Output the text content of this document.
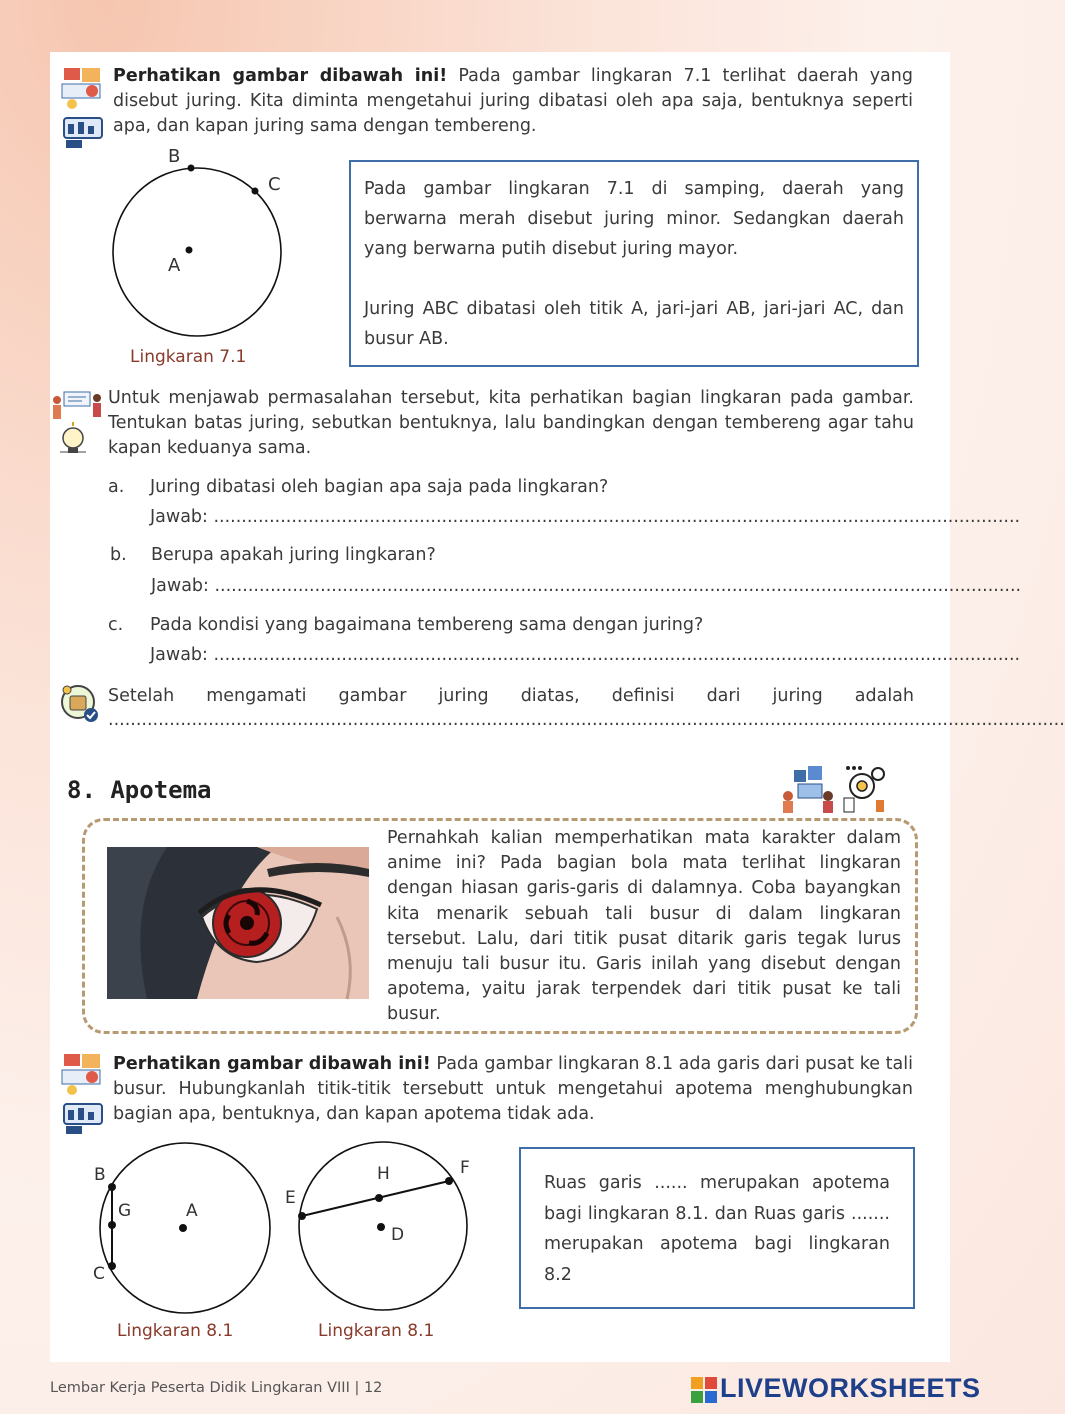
Perhatikan gambar dibawah ini! Pada gambar lingkaran 7.1 terlihat daerah yang disebut juring. Kita diminta mengetahui juring dibatasi oleh apa saja, bentuknya seperti apa, dan kapan juring sama dengan tembereng.
B
C
A
Lingkaran 7.1
Pada gambar lingkaran 7.1 di samping, daerah yang berwarna merah disebut juring minor. Sedangkan daerah yang berwarna putih disebut juring mayor.
Juring ABC dibatasi oleh titik A, jari-jari AB, jari-jari AC, dan busur AB.
Untuk menjawab permasalahan tersebut, kita perhatikan bagian lingkaran pada gambar. Tentukan batas juring, sebutkan bentuknya, lalu bandingkan dengan tembereng agar tahu kapan keduanya sama.
a. Juring dibatasi oleh bagian apa saja pada lingkaran?
Jawab: .................................................................................................................................................
b. Berupa apakah juring lingkaran?
Jawab: .................................................................................................................................................
c. Pada kondisi yang bagaimana tembereng sama dengan juring?
Jawab: .................................................................................................................................................
Setelah mengamati gambar juring diatas, definisi dari juring adalah
............................................................................................................................................................................
8. Apotema
Pernahkah kalian memperhatikan mata karakter dalam anime ini? Pada bagian bola mata terlihat lingkaran dengan hiasan garis-garis di dalamnya. Coba bayangkan kita menarik sebuah tali busur di dalam lingkaran tersebut. Lalu, dari titik pusat ditarik garis tegak lurus menuju tali busur itu. Garis inilah yang disebut dengan apotema, yaitu jarak terpendek dari titik pusat ke tali busur.
Perhatikan gambar dibawah ini! Pada gambar lingkaran 8.1 ada garis dari pusat ke tali busur. Hubungkanlah titik-titik tersebutt untuk mengetahui apotema menghubungkan bagian apa, bentuknya, dan kapan apotema tidak ada.
B
G	A
C
Lingkaran 8.1
H	F
E
D
Lingkaran 8.1
Ruas garis ...... merupakan apotema bagi lingkaran 8.1. dan Ruas garis ....... merupakan apotema bagi lingkaran 8.2
Lembar Kerja Peserta Didik Lingkaran VIII | 12	LIVEWORKSHEETS
